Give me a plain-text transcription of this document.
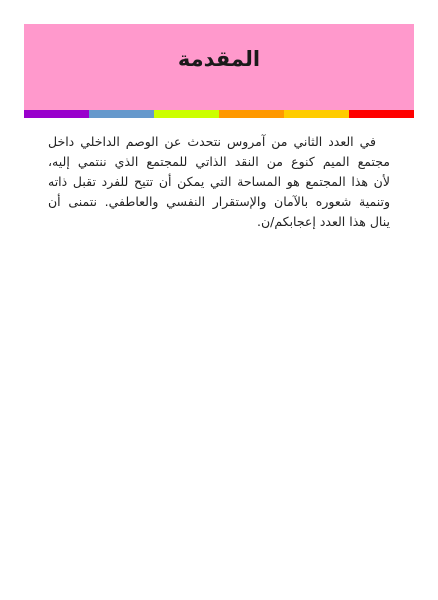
المقدمة

في العدد الثاني من آمروس نتحدث عن الوصم الداخلي داخل
مجتمع الميم كنوع من النقد الذاتي للمجتمع الذي ننتمي إليه،
لأن هذا المجتمع هو المساحة التي يمكن أن تتيح للفرد تقبل ذاته
وتنمية شعوره بالآمان والإستقرار النفسي والعاطفي. نتمنى أن
ينال هذا العدد إعجابكم/ن.
